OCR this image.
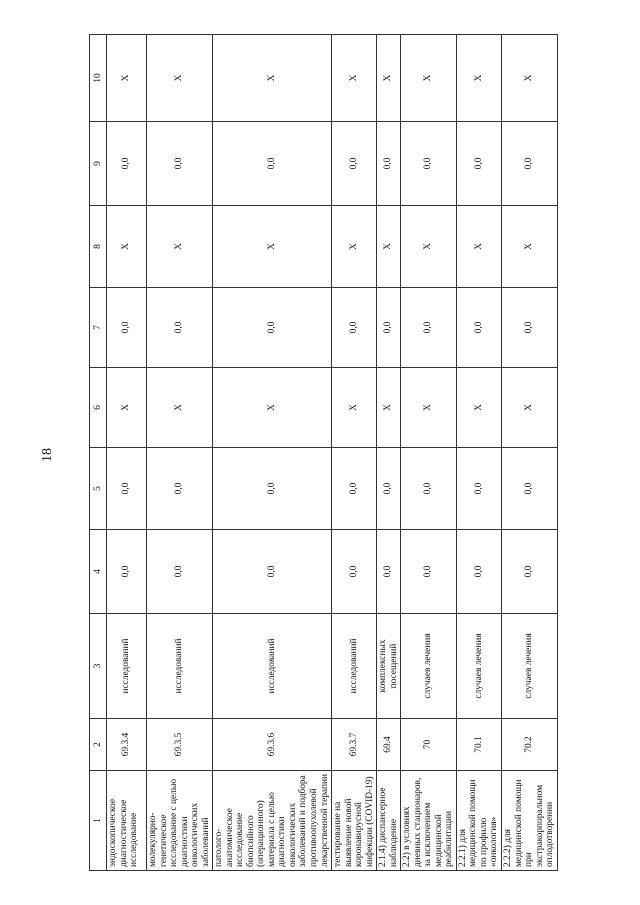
18
1	2	3	4	5	6	7	8	9	10
эндоскопическое диагностическое исследование	69.3.4	исследований	0,0	0,0	Х	0,0	Х	0,0	Х
молекулярно-генетическое исследование с целью диагностики онкологических заболеваний	69.3.5	исследований	0,0	0,0	Х	0,0	Х	0,0	Х
патолого-анатомическое исследование биопсийного (операционного) материала с целью диагностики онкологических заболеваний и подбора противоопухолевой лекарственной терапии	69.3.6	исследований	0,0	0,0	Х	0,0	Х	0,0	Х
тестирование на выявление новой коронавирусной инфекции (COVID-19)	69.3.7	исследований	0,0	0,0	Х	0,0	Х	0,0	Х
2.1.4) диспансерное наблюдение	69.4	комплексных посещений	0,0	0,0	Х	0,0	Х	0,0	Х
2.2) в условиях дневных стационаров, за исключением медицинской реабилитации	70	случаев лечения	0,0	0,0	Х	0,0	Х	0,0	Х
2.2.1) для медицинской помощи по профилю «онкология»	70.1	случаев лечения	0,0	0,0	Х	0,0	Х	0,0	Х
2.2.2) для медицинской помощи при экстракорпоральном оплодотворении	70.2	случаев лечения	0,0	0,0	Х	0,0	Х	0,0	Х
